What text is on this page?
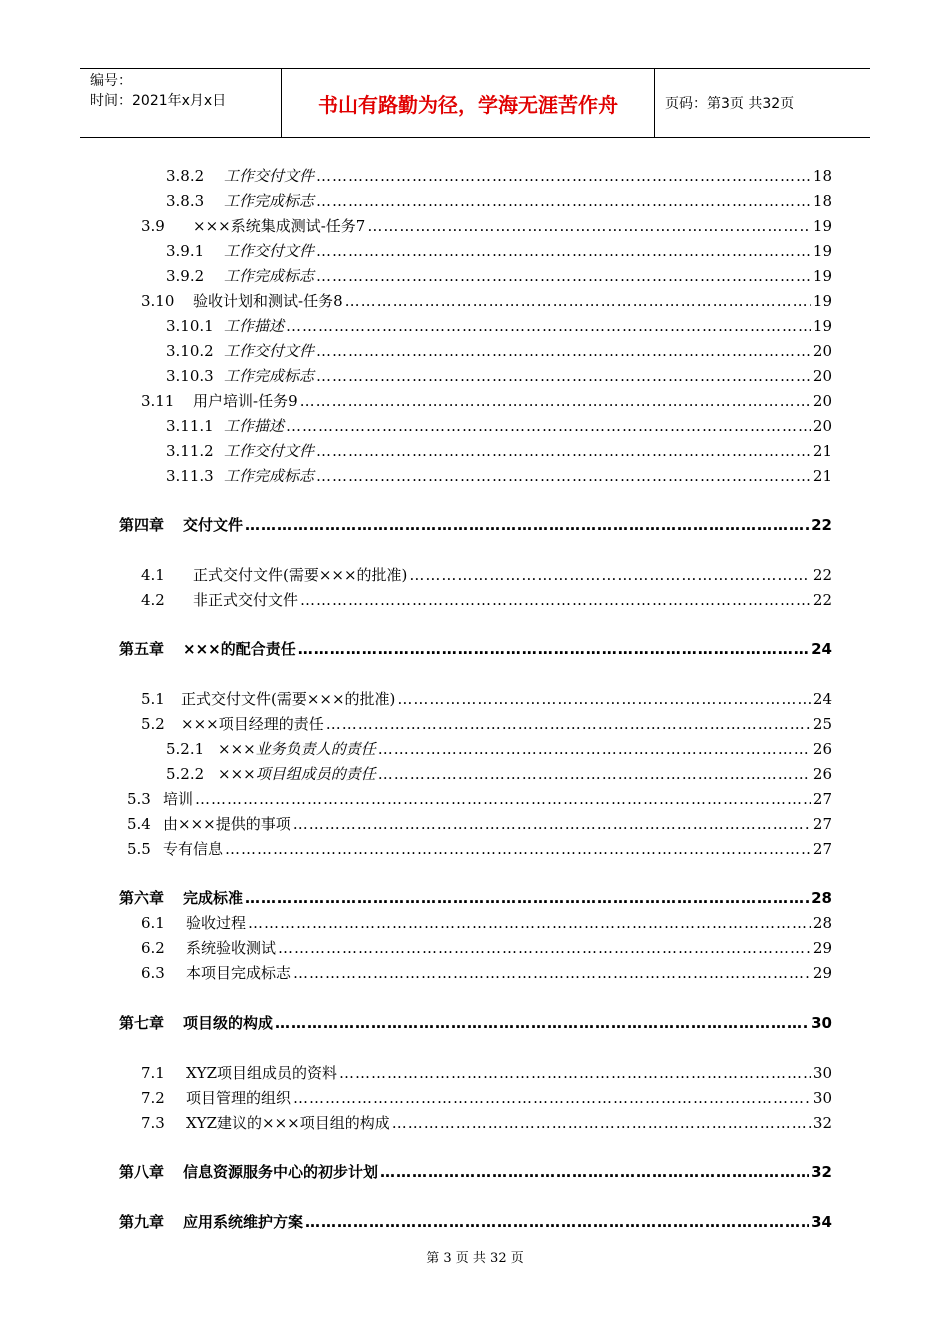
编号：
时间：2021年x月x日	书山有路勤为径，学海无涯苦作舟	页码：第3页 共32页
3.8.2	工作交付文件 ……………………………………………………………………………………………………………………………………………………………………	18
3.8.3	工作完成标志 ……………………………………………………………………………………………………………………………………………………………………	18
3.9	×××系统集成测试-任务7 ……………………………………………………………………………………………………………………………………………………………………	19
3.9.1	工作交付文件 ……………………………………………………………………………………………………………………………………………………………………	19
3.9.2	工作完成标志 ……………………………………………………………………………………………………………………………………………………………………	19
3.10	验收计划和测试-任务8 ……………………………………………………………………………………………………………………………………………………………………	19
3.10.1 工作描述 ……………………………………………………………………………………………………………………………………………………………………	19
3.10.2 工作交付文件 ……………………………………………………………………………………………………………………………………………………………………	20
3.10.3 工作完成标志 ……………………………………………………………………………………………………………………………………………………………………	20
3.11	用户培训-任务9 ……………………………………………………………………………………………………………………………………………………………………	20
3.11.1 工作描述 ……………………………………………………………………………………………………………………………………………………………………	20
3.11.2 工作交付文件 ……………………………………………………………………………………………………………………………………………………………………	21
3.11.3 工作完成标志 ……………………………………………………………………………………………………………………………………………………………………	21
第四章	交付文件 ……………………………………………………………………………………………………………………………………………………………………	22
4.1	正式交付文件(需要×××的批准) ……………………………………………………………………………………………………………………………………………………………………	22
4.2	非正式交付文件 ……………………………………………………………………………………………………………………………………………………………………	22
第五章	×××的配合责任 ……………………………………………………………………………………………………………………………………………………………………	24
5.1	正式交付文件(需要×××的批准) ……………………………………………………………………………………………………………………………………………………………………	24
5.2	×××项目经理的责任 ……………………………………………………………………………………………………………………………………………………………………	25
5.2.1 ×××业务负责人的责任 ……………………………………………………………………………………………………………………………………………………………………	26
5.2.2 ×××项目组成员的责任 ……………………………………………………………………………………………………………………………………………………………………	26
5.3 培训 ……………………………………………………………………………………………………………………………………………………………………	27
5.4 由×××提供的事项 ……………………………………………………………………………………………………………………………………………………………………	27
5.5 专有信息 ……………………………………………………………………………………………………………………………………………………………………	27
第六章	完成标准 ……………………………………………………………………………………………………………………………………………………………………	28
6.1	验收过程 ……………………………………………………………………………………………………………………………………………………………………	28
6.2	系统验收测试 ……………………………………………………………………………………………………………………………………………………………………	29
6.3	本项目完成标志 ……………………………………………………………………………………………………………………………………………………………………	29
第七章	项目级的构成 ……………………………………………………………………………………………………………………………………………………………………	30
7.1	XYZ项目组成员的资料 ……………………………………………………………………………………………………………………………………………………………………	30
7.2	项目管理的组织 ……………………………………………………………………………………………………………………………………………………………………	30
7.3	XYZ建议的×××项目组的构成 ……………………………………………………………………………………………………………………………………………………………………	32
第八章	信息资源服务中心的初步计划 ……………………………………………………………………………………………………………………………………………………………………	32
第九章	应用系统维护方案 ……………………………………………………………………………………………………………………………………………………………………	34
第 3 页 共 32 页
